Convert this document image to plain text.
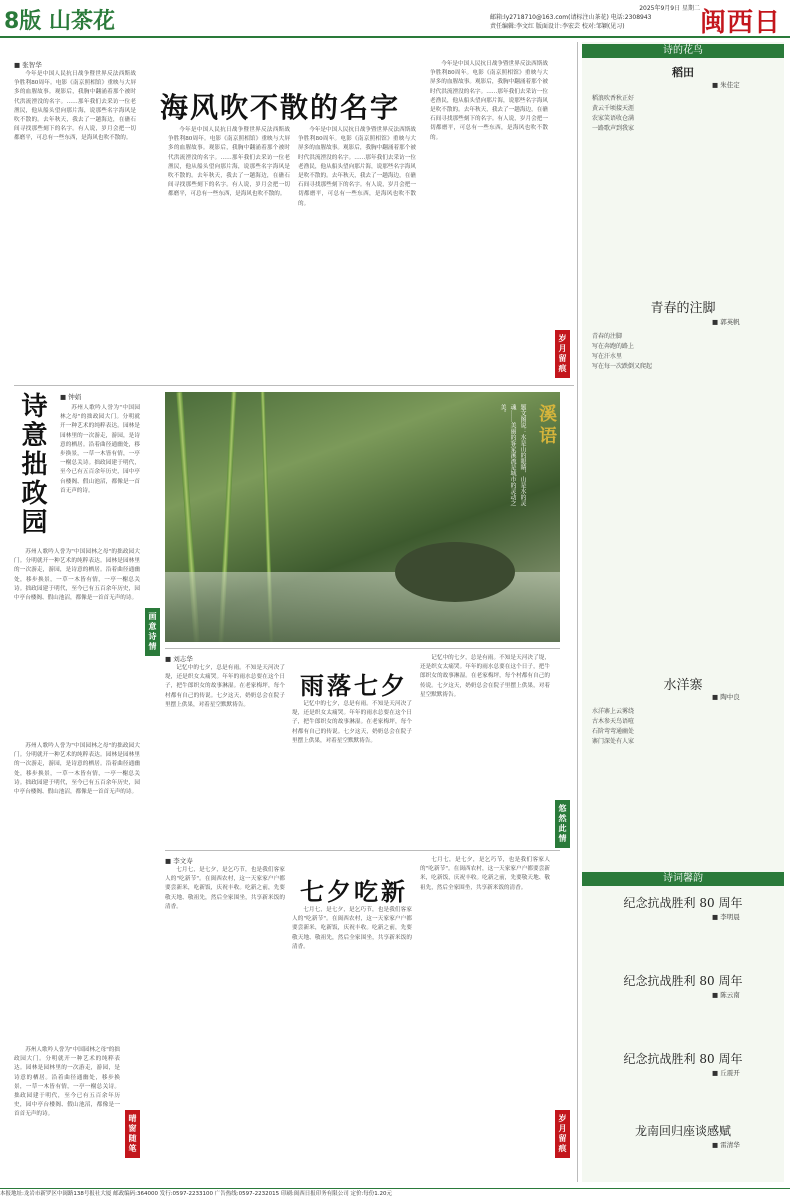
8版 山茶花
2025年9月9日 星期二
邮箱:ly2718710@163.com(请标注山茶花) 电话:2308943
责任编辑:李文红 版面设计:李宏芸 校对:邹颖(见习)	闽西日
■ 张智华

今年是中国人民抗日战争暨世界反法西斯战争胜利80周年。电影《南京照相馆》重映与大屏多的血腥故事。观影后，我胸中翻涌着那个被时代洪流湮没的名字。……那年我们去采访一位老渔民，他从船头望向那片海，说那些名字海风是吹不散的。去年秋天，我去了一趟海边，在礁石间寻找那些刻下的名字。有人说，岁月会把一切都磨平，可总有一些东西，是海风也吹不散的。

海风吹不散的名字

今年是中国人民抗日战争暨世界反法西斯战争胜利80周年。电影《南京照相馆》重映与大屏多的血腥故事。观影后，我胸中翻涌着那个被时代洪流湮没的名字。……那年我们去采访一位老渔民，他从船头望向那片海，说那些名字海风是吹不散的。去年秋天，我去了一趟海边，在礁石间寻找那些刻下的名字。有人说，岁月会把一切都磨平，可总有一些东西，是海风也吹不散的。

今年是中国人民抗日战争暨世界反法西斯战争胜利80周年。电影《南京照相馆》重映与大屏多的血腥故事。观影后，我胸中翻涌着那个被时代洪流湮没的名字。……那年我们去采访一位老渔民，他从船头望向那片海，说那些名字海风是吹不散的。去年秋天，我去了一趟海边，在礁石间寻找那些刻下的名字。有人说，岁月会把一切都磨平，可总有一些东西，是海风也吹不散的。

今年是中国人民抗日战争暨世界反法西斯战争胜利80周年。电影《南京照相馆》重映与大屏多的血腥故事。观影后，我胸中翻涌着那个被时代洪流湮没的名字。……那年我们去采访一位老渔民，他从船头望向那片海，说那些名字海风是吹不散的。去年秋天，我去了一趟海边，在礁石间寻找那些刻下的名字。有人说，岁月会把一切都磨平，可总有一些东西，是海风也吹不散的。

岁月留痕
诗意拙政园	■ 钟娟

苏州人歌吟人誉为"中国园林之母"的拙政园大门。分明就开一种艺术的纯粹表达。园林是园林里的一次游走，游园，是诗意的栖居。沿着曲径通幽处，移步换景，一草一木皆有情，一亭一榭总关诗。拙政园建于明代，至今已有五百余年历史，园中亭台楼阁、假山池沼，都像是一首首无声的诗。

苏州人歌吟人誉为"中国园林之母"的拙政园大门。分明就开一种艺术的纯粹表达。园林是园林里的一次游走，游园，是诗意的栖居。沿着曲径通幽处，移步换景，一草一木皆有情，一亭一榭总关诗。拙政园建于明代，至今已有五百余年历史，园中亭台楼阁、假山池沼，都像是一首首无声的诗。

画意诗情
溪语
题文图说：水是山的眼睛，山是水的灵魂……美丽的客家溪流是城市的灵动之美。
■ 刘志华

记忆中的七夕，总是有雨。不知是天河决了堤，还是织女太痛哭。年年的雨水总要在这个日子，把牛郎织女的故事淋湿。在老家梅坪，每个村都有自己的传说。七夕这天，奶奶总会在院子里摆上供果，对着星空默默祷告。

雨落七夕

记忆中的七夕，总是有雨。不知是天河决了堤，还是织女太痛哭。年年的雨水总要在这个日子，把牛郎织女的故事淋湿。在老家梅坪，每个村都有自己的传说。七夕这天，奶奶总会在院子里摆上供果，对着星空默默祷告。

记忆中的七夕，总是有雨。不知是天河决了堤，还是织女太痛哭。年年的雨水总要在这个日子，把牛郎织女的故事淋湿。在老家梅坪，每个村都有自己的传说。七夕这天，奶奶总会在院子里摆上供果，对着星空默默祷告。

悠然此情

苏州人歌吟人誉为"中国园林之母"的拙政园大门。分明就开一种艺术的纯粹表达。园林是园林里的一次游走，游园，是诗意的栖居。沿着曲径通幽处，移步换景，一草一木皆有情，一亭一榭总关诗。拙政园建于明代，至今已有五百余年历史，园中亭台楼阁、假山池沼，都像是一首首无声的诗。

苏州人歌吟人誉为"中国园林之母"的拙政园大门。分明就开一种艺术的纯粹表达。园林是园林里的一次游走，游园，是诗意的栖居。沿着曲径通幽处，移步换景，一草一木皆有情，一亭一榭总关诗。拙政园建于明代，至今已有五百余年历史，园中亭台楼阁、假山池沼，都像是一首首无声的诗。	晴窗随笔
■ 李文寿

七月七，是七夕，是乞巧节，也是我们客家人的"吃新节"。在闽西农村，这一天家家户户都要尝新米，吃新饭，庆祝丰收。吃新之前，先要敬天地、敬祖先，然后全家围坐，共享新米饭的清香。

七夕吃新

七月七，是七夕，是乞巧节，也是我们客家人的"吃新节"。在闽西农村，这一天家家户户都要尝新米，吃新饭，庆祝丰收。吃新之前，先要敬天地、敬祖先，然后全家围坐，共享新米饭的清香。

七月七，是七夕，是乞巧节，也是我们客家人的"吃新节"。在闽西农村，这一天家家户户都要尝新米，吃新饭，庆祝丰收。吃新之前，先要敬天地、敬祖先，然后全家围坐，共享新米饭的清香。

岁月留痕
诗的花鸟
稻田
■ 朱佳定
稻浪吹香秋正好
黄云千顷接天涯
农家笑语收仓满
一路歌声到我家
青春的注脚
■ 郭英帆
青春的注脚
写在奔跑的路上
写在汗水里
写在每一次跌倒又爬起
水洋寨
■ 陶中良
水洋寨上云雾绕
古木参天鸟语喧
石阶弯弯通幽处
寨门深处有人家
诗词馨韵
纪念抗战胜利 80 周年
■ 李明晨
纪念抗战胜利 80 周年
■ 陈云南
纪念抗战胜利 80 周年
■ 丘震开
龙南回归座谈感赋
■ 雷清华
本报地址:龙岩市新罗区中闽路138号报社大厦 邮政编码:364000 发行:0597-2233100 广告热线:0597-2232015 印刷:闽西日报印务有限公司 定价:每份1.20元
